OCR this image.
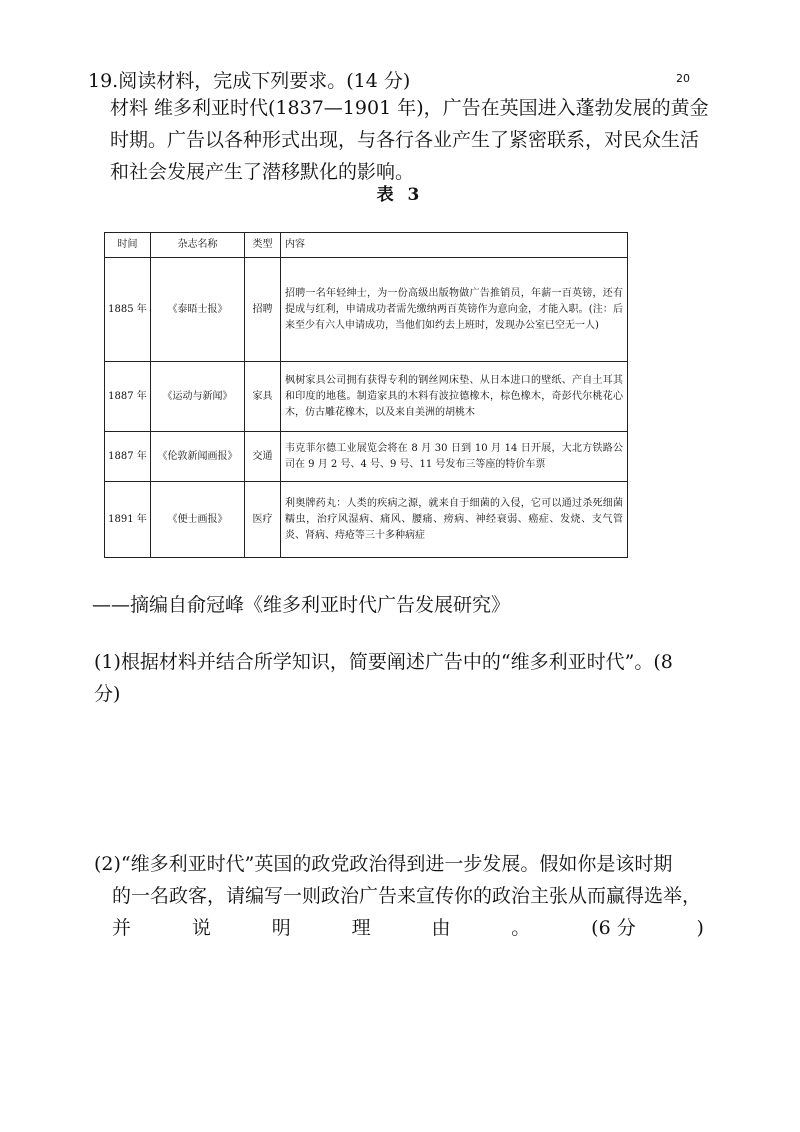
19.阅读材料，完成下列要求。(14 分)	20
材料 维多利亚时代(1837—1901 年)，广告在英国进入蓬勃发展的黄金时期。广告以各种形式出现，与各行各业产生了紧密联系，对民众生活和社会发展产生了潜移默化的影响。
表 3
时间	杂志名称	类型	内容
1885 年	《泰晤士报》	招聘	招聘一名年轻绅士，为一份高级出版物做广告推销员，年薪一百英镑，还有提成与红利，申请成功者需先缴纳两百英镑作为意向金，才能入职。(注：后来至少有六人申请成功，当他们如约去上班时，发现办公室已空无一人)
1887 年	《运动与新闻》	家具	枫树家具公司拥有获得专利的钢丝网床垫、从日本进口的壁纸、产自土耳其和印度的地毯。制造家具的木料有波拉德橡木，棕色橡木，奇彭代尔桃花心木，仿古雕花橡木，以及来自美洲的胡桃木
1887 年	《伦敦新闻画报》	交通	韦克菲尔德工业展览会将在 8 月 30 日到 10 月 14 日开展，大北方铁路公司在 9 月 2 号、4 号、9 号、11 号发布三等座的特价车票
1891 年	《便士画报》	医疗	利奥牌药丸：人类的疾病之源，就来自于细菌的入侵，它可以通过杀死细菌糯虫，治疗风湿病、痛风、腰痛、痨病、神经衰弱、癌症、发烧、支气管炎、肾病、痔疮等三十多种病症
——摘编自俞冠峰《维多利亚时代广告发展研究》
(1)根据材料并结合所学知识，简要阐述广告中的“维多利亚时代”。(8 分)
(2)“维多利亚时代”英国的政党政治得到进一步发展。假如你是该时期
的一名政客，请编写一则政治广告来宣传你的政治主张从而赢得选举，
并	说	明	理	由	。	(6 分	)
